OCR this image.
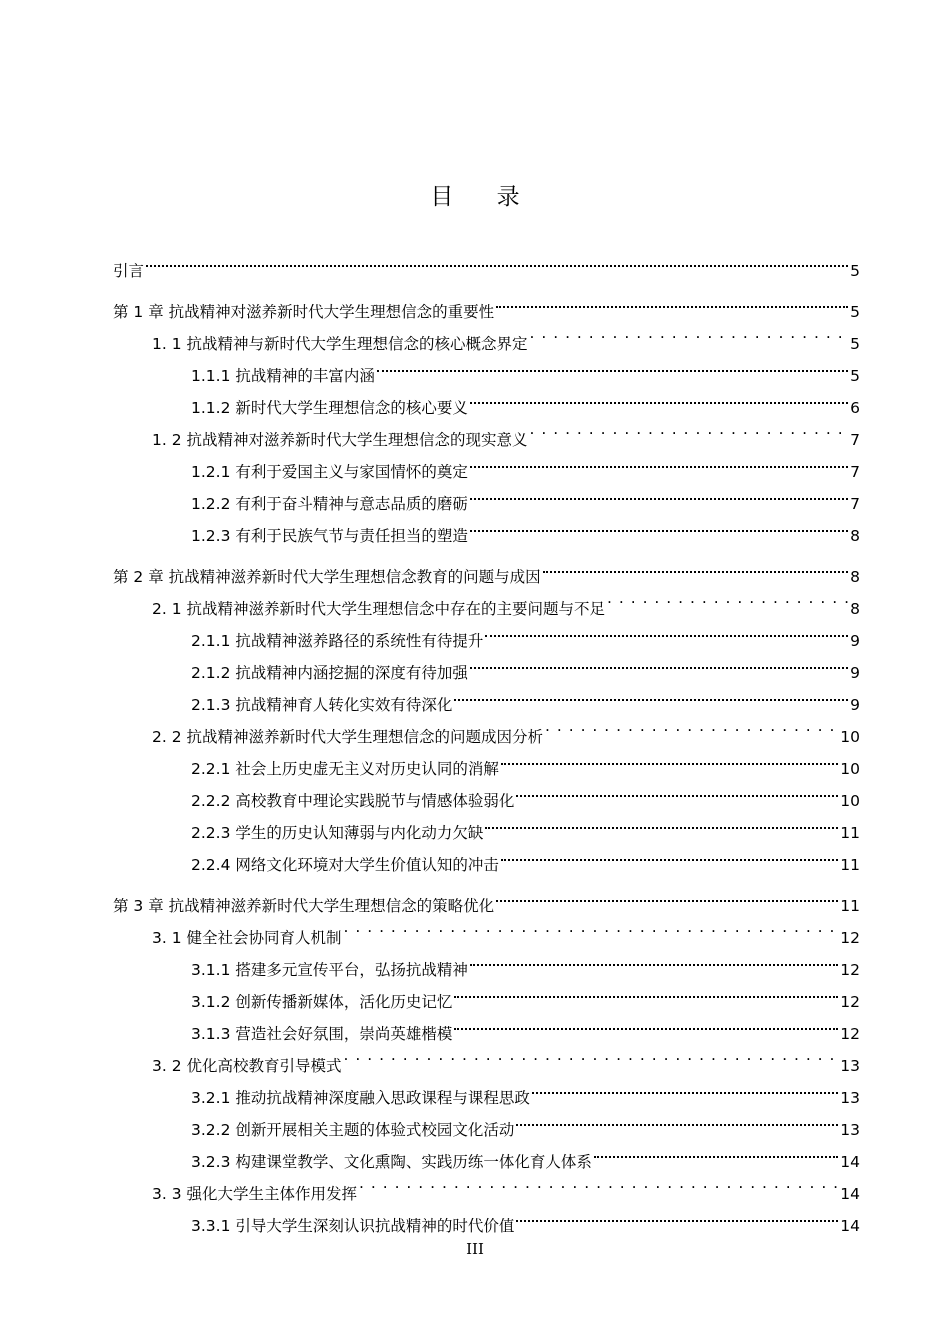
目 录
引言	5
第 1 章 抗战精神对滋养新时代大学生理想信念的重要性	5
1. 1 抗战精神与新时代大学生理想信念的核心概念界定 . . .	5
1.1.1 抗战精神的丰富内涵	5
1.1.2 新时代大学生理想信念的核心要义	6
1. 2 抗战精神对滋养新时代大学生理想信念的现实意义 . . .	7
1.2.1 有利于爱国主义与家国情怀的奠定	7
1.2.2 有利于奋斗精神与意志品质的磨砺	7
1.2.3 有利于民族气节与责任担当的塑造	8
第 2 章 抗战精神滋养新时代大学生理想信念教育的问题与成因	8
2. 1 抗战精神滋养新时代大学生理想信念中存在的主要问题与不足 . . .	8
2.1.1 抗战精神滋养路径的系统性有待提升	9
2.1.2 抗战精神内涵挖掘的深度有待加强	9
2.1.3 抗战精神育人转化实效有待深化	9
2. 2 抗战精神滋养新时代大学生理想信念的问题成因分析 . . .	10
2.2.1 社会上历史虚无主义对历史认同的消解	10
2.2.2 高校教育中理论实践脱节与情感体验弱化	10
2.2.3 学生的历史认知薄弱与内化动力欠缺	11
2.2.4 网络文化环境对大学生价值认知的冲击	11
第 3 章 抗战精神滋养新时代大学生理想信念的策略优化	11
3. 1 健全社会协同育人机制 . . .	12
3.1.1 搭建多元宣传平台，弘扬抗战精神	12
3.1.2 创新传播新媒体，活化历史记忆	12
3.1.3 营造社会好氛围，崇尚英雄楷模	12
3. 2 优化高校教育引导模式 . . .	13
3.2.1 推动抗战精神深度融入思政课程与课程思政	13
3.2.2 创新开展相关主题的体验式校园文化活动	13
3.2.3 构建课堂教学、文化熏陶、实践历练一体化育人体系	14
3. 3 强化大学生主体作用发挥 . . .	14
3.3.1 引导大学生深刻认识抗战精神的时代价值	14
III
